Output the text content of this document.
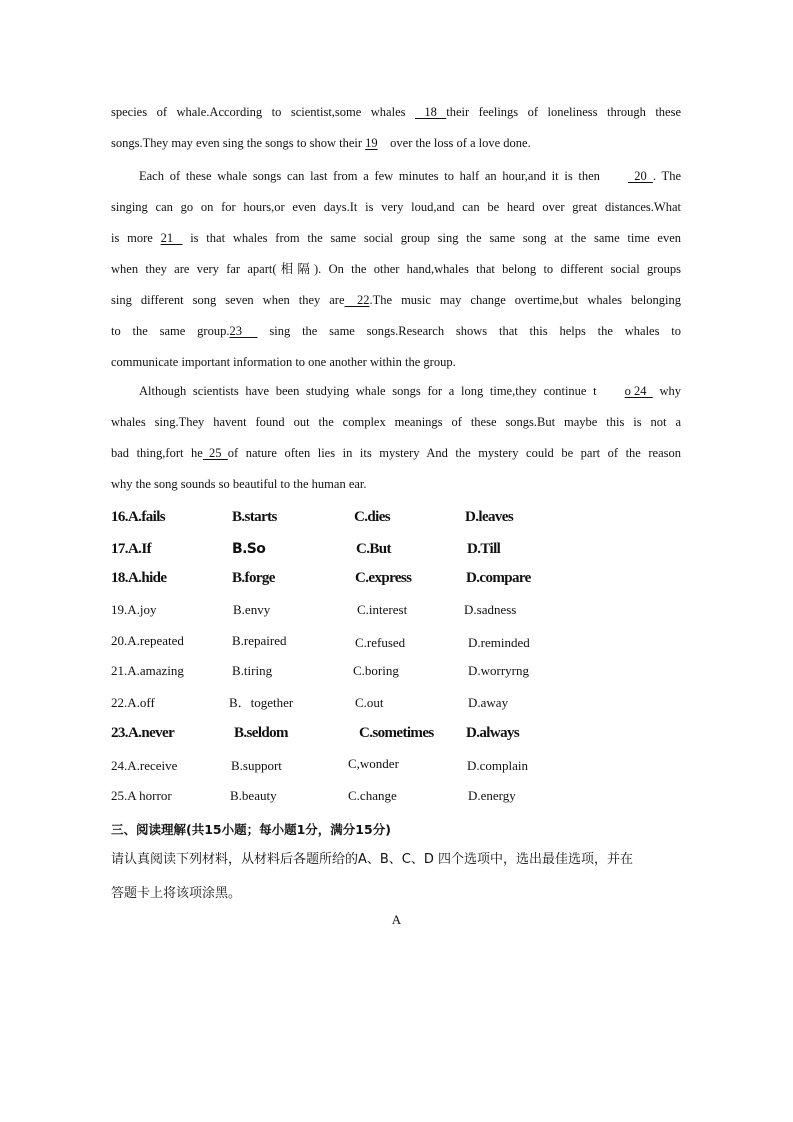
species of whale.According to scientist,some whales    18   their feelings of loneliness through these
songs.They may even sing the songs to show their 19    over the loss of a love done.
Each of these whale songs can last from a few minutes to half an hour,and it is then  20  . The
singing can go on for hours,or even days.It is very loud,and can be heard over great distances.What
is more 21    is that whales from the same social group sing the same song at the same time even
when they are very far apart(相隔). On the other hand,whales that belong to different social groups
sing different song seven when they are    22.The music may change overtime,but whales belonging
to the same group.23      sing the same songs.Research shows that this helps the whales to
communicate important information to one another within the group.
Although scientists have been studying whale songs for a long time,they continue t o 24   why
whales sing.They havent found out the complex meanings of these songs.But maybe this is not a
bad thing,fort he  25  of nature often lies in its mystery And the mystery could be part of the reason
why the song sounds so beautiful to the human ear.
16.A.fails	B.starts	C.dies	D.leaves
17.A.If	B.So	C.But	D.Till
18.A.hide	B.forge	C.express	D.compare
19.A.joy	B.envy	C.interest	D.sadness
20.A.repeated	B.repaired	C.refused	D.reminded
21.A.amazing	B.tiring	C.boring	D.worryrng
22.A.off	B．together	C.out	D.away
23.A.never	B.seldom	C.sometimes D.always
24.A.receive	B.support	C,wonder	D.complain
25.A horror	B.beauty	C.change	D.energy
三、阅读理解(共15小题；每小题1分，满分15分)
请认真阅读下列材料，从材料后各题所给的A、B、C、D 四个选项中，选出最佳选项，并在
答题卡上将该项涂黑。
A
